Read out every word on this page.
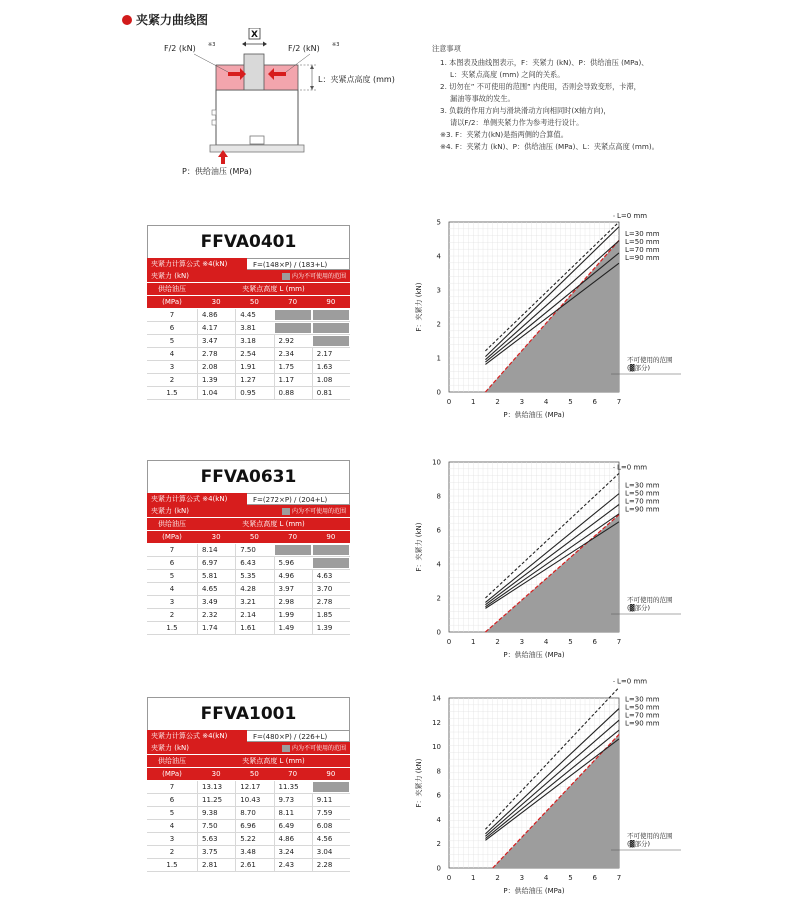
夹紧力曲线图
X
F/2 (kN) ※3	F/2 (kN) ※3
L：夹紧点高度 (mm)
P：供给油压 (MPa)
注意事项
1. 本图表及曲线图表示，F：夹紧力 (kN)、P：供给油压 (MPa)、
L：夹紧点高度 (mm) 之间的关系。
2. 切勿在” 不可使用的范围” 内使用，否则会导致变形，卡滞，
漏油等事故的发生。
3. 负载的作用方向与滑块滑动方向相同时(X轴方向)，
请以F/2：单侧夹紧力作为参考进行设计。
※3. F：夹紧力(kN)是指两侧的合算值。
※4. F：夹紧力 (kN)、P：供给油压 (MPa)、L：夹紧点高度 (mm)。
FFVA0401
夹紧力计算公式 ※4(kN)	F=(148×P) / (183+L)
夹紧力 (kN)	内为不可使用的范围
供给油压	夹紧点高度 L (mm)
(MPa)	30	50	70	90
7	4.86	4.45
6	4.17	3.81
5	3.47	3.18	2.92
4	2.78	2.54	2.34	2.17
3	2.08	1.91	1.75	1.63
2	1.39	1.27	1.17	1.08
1.5	1.04	0.95	0.88	0.81
FFVA0631
夹紧力计算公式 ※4(kN)	F=(272×P) / (204+L)
夹紧力 (kN)	内为不可使用的范围
供给油压	夹紧点高度 L (mm)
(MPa)	30	50	70	90
7	8.14	7.50
6	6.97	6.43	5.96
5	5.81	5.35	4.96	4.63
4	4.65	4.28	3.97	3.70
3	3.49	3.21	2.98	2.78
2	2.32	2.14	1.99	1.85
1.5	1.74	1.61	1.49	1.39
FFVA1001
夹紧力计算公式 ※4(kN)	F=(480×P) / (226+L)
夹紧力 (kN)	内为不可使用的范围
供给油压	夹紧点高度 L (mm)
(MPa)	30	50	70	90
7	13.13	12.17	11.35
6	11.25	10.43	9.73	9.11
5	9.38	8.70	8.11	7.59
4	7.50	6.96	6.49	6.08
3	5.63	5.22	4.86	4.56
2	3.75	3.48	3.24	3.04
1.5	2.81	2.61	2.43	2.28
L=0 mm
L=30 mm
L=50 mm
L=70 mm
L=90 mm
0	1	2	3	4	5	6	7
0
1
2
3
4
5
P：供给油压 (MPa)
F：夹紧力 (kN)
不可使用的范围
(▓部分)
L=0 mm
L=30 mm
L=50 mm
L=70 mm
L=90 mm
0	1	2	3	4	5	6	7
0
2
4
6
8
10
P：供给油压 (MPa)
F：夹紧力 (kN)
不可使用的范围
(▓部分)
L=0 mm
L=30 mm
L=50 mm
L=70 mm
L=90 mm
0	1	2	3	4	5	6	7
0
2
4
6
8
10
12
14
P：供给油压 (MPa)
F：夹紧力 (kN)
不可使用的范围
(▓部分)
